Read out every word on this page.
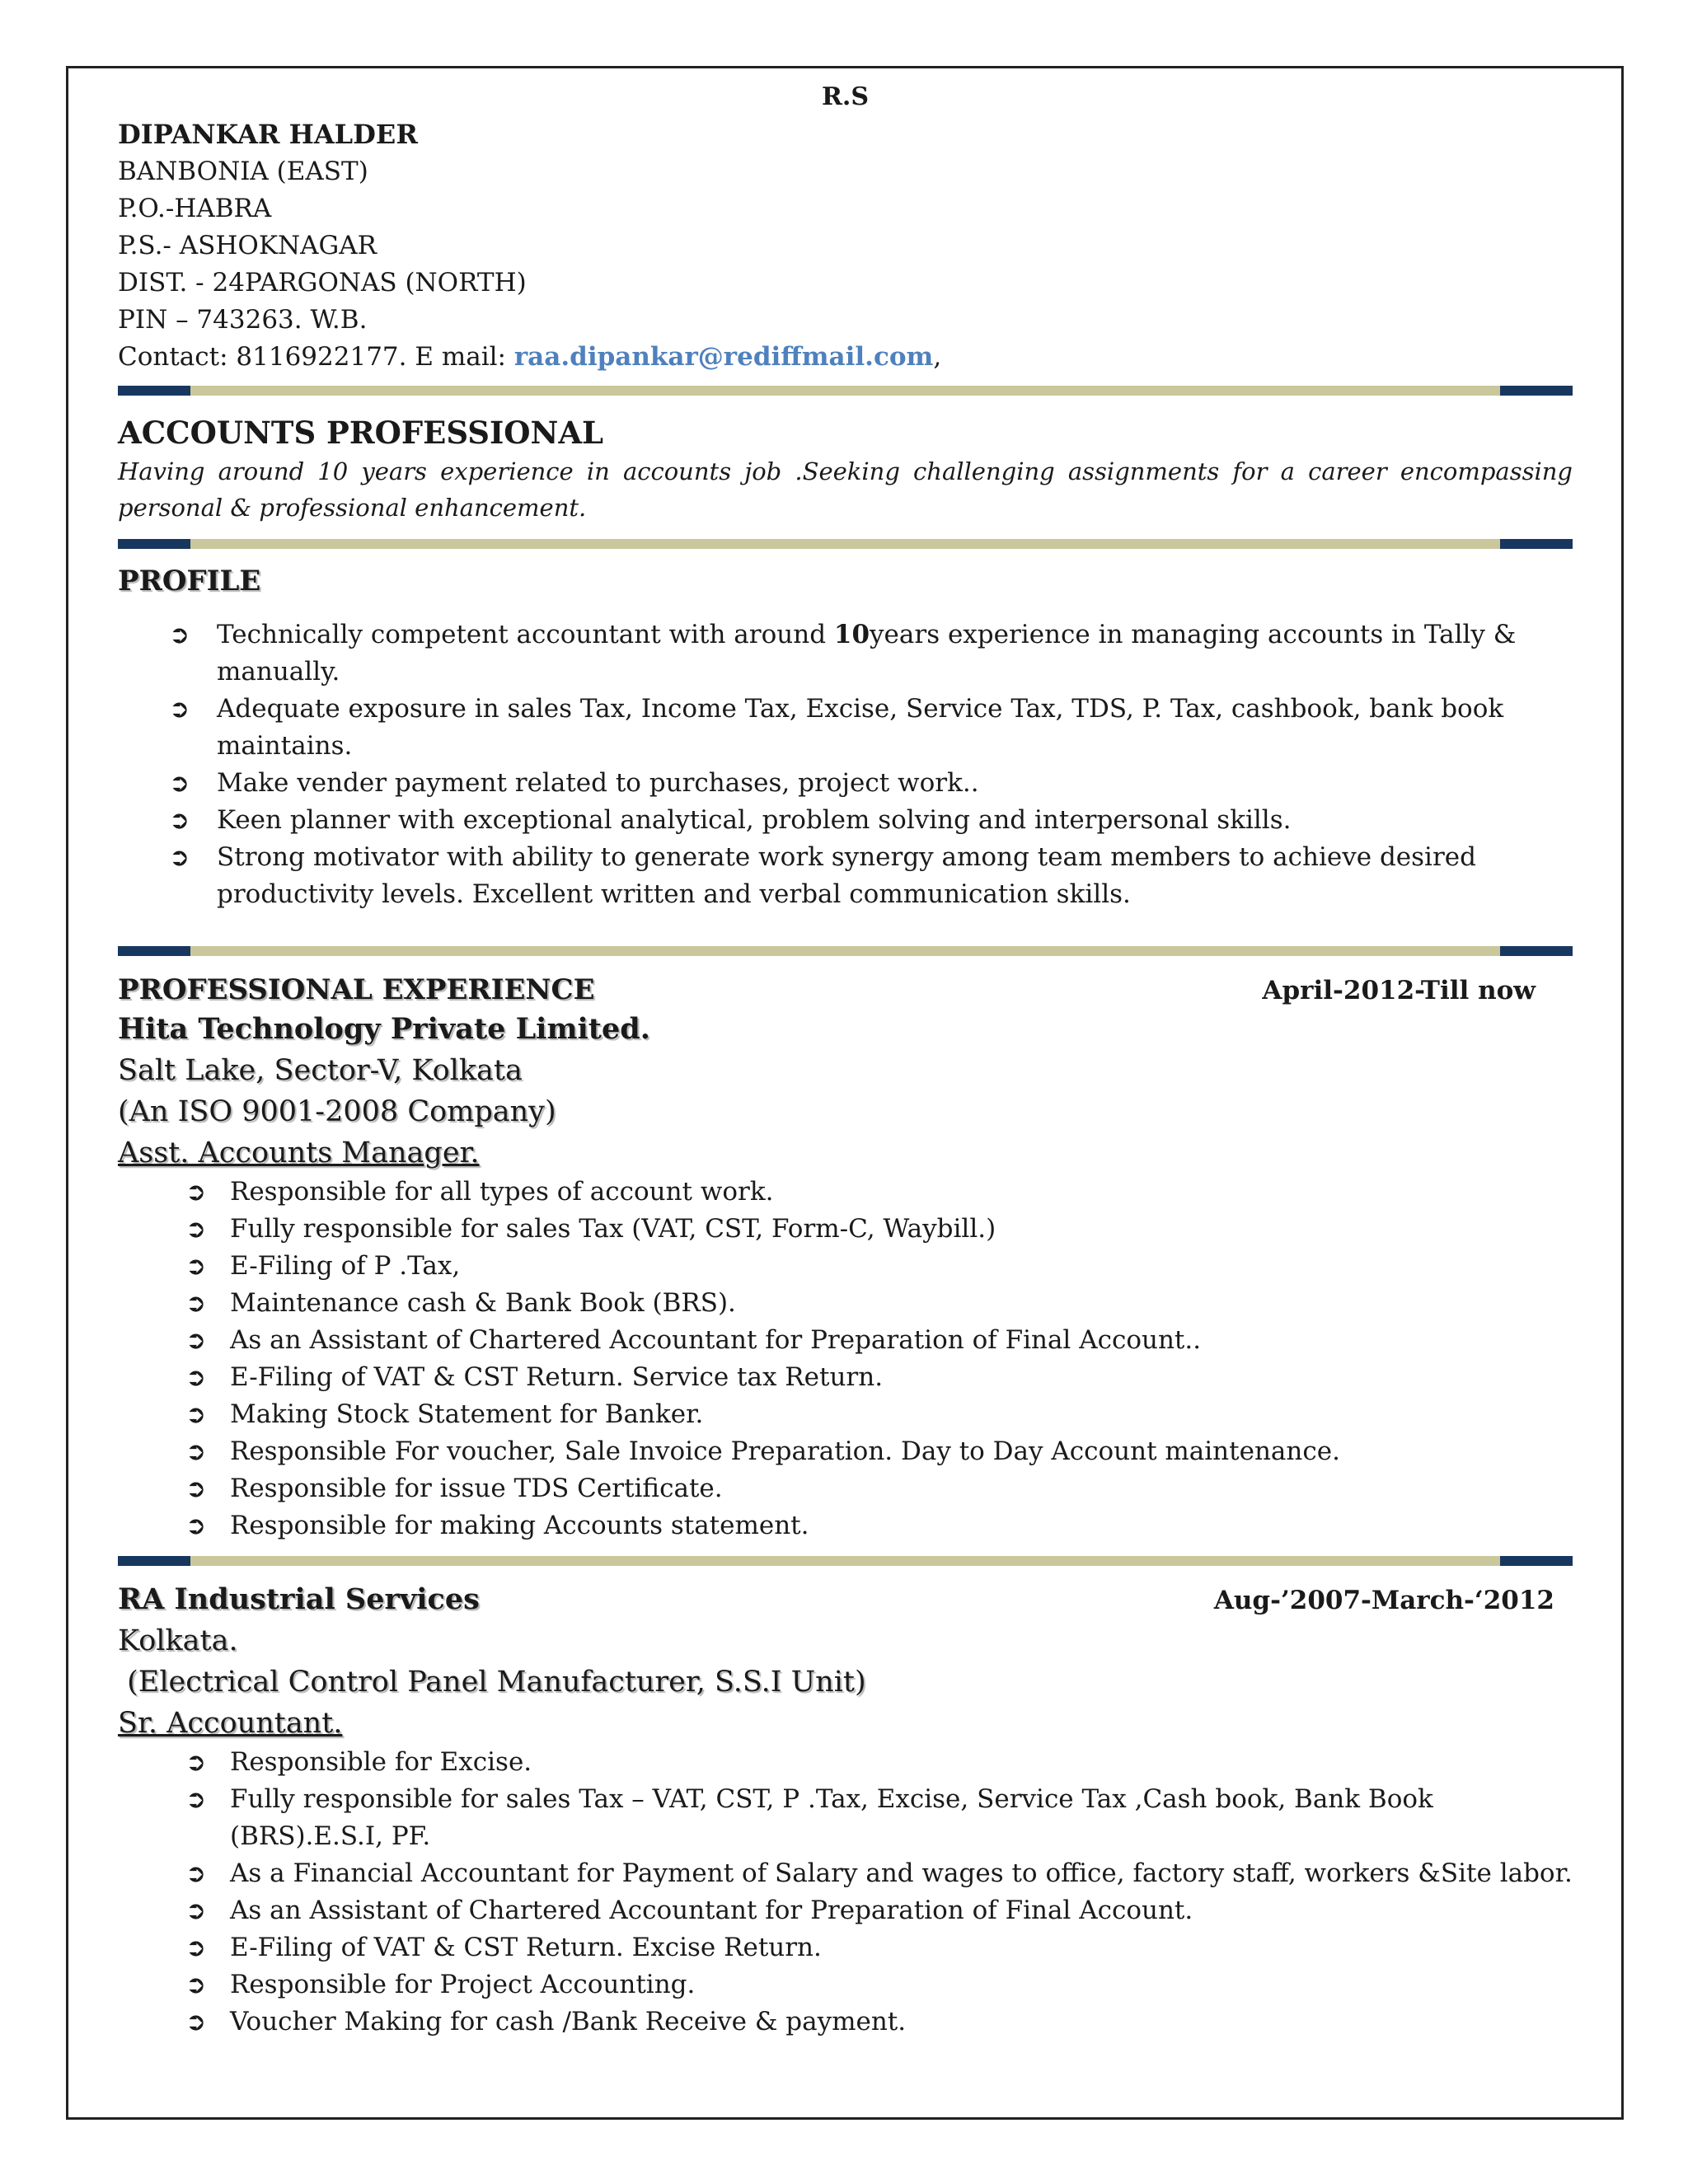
R.S
DIPANKAR HALDER
BANBONIA (EAST)
P.O.-HABRA
P.S.- ASHOKNAGAR
DIST. - 24PARGONAS (NORTH)
PIN – 743263. W.B.
Contact: 8116922177. E mail: raa.dipankar@rediffmail.com,
ACCOUNTS PROFESSIONAL
Having around 10 years experience in accounts job .Seeking challenging assignments for a career encompassing personal & professional enhancement.
PROFILE
➲ Technically competent accountant with around 10years experience in managing accounts in Tally & manually.
➲ Adequate exposure in sales Tax, Income Tax, Excise, Service Tax, TDS, P. Tax, cashbook, bank book maintains.
➲ Make vender payment related to purchases, project work..
➲ Keen planner with exceptional analytical, problem solving and interpersonal skills.
➲ Strong motivator with ability to generate work synergy among team members to achieve desired productivity levels. Excellent written and verbal communication skills.
PROFESSIONAL EXPERIENCE	April-2012-Till now
Hita Technology Private Limited.
Salt Lake, Sector-V, Kolkata
(An ISO 9001-2008 Company)
Asst. Accounts Manager.
➲ Responsible for all types of account work.
➲ Fully responsible for sales Tax (VAT, CST, Form-C, Waybill.)
➲ E-Filing of P .Tax,
➲ Maintenance cash & Bank Book (BRS).
➲ As an Assistant of Chartered Accountant for Preparation of Final Account..
➲ E-Filing of VAT & CST Return. Service tax Return.
➲ Making Stock Statement for Banker.
➲ Responsible For voucher, Sale Invoice Preparation. Day to Day Account maintenance.
➲ Responsible for issue TDS Certificate.
➲ Responsible for making Accounts statement.
RA Industrial Services	Aug-’2007-March-‘2012
Kolkata.
(Electrical Control Panel Manufacturer, S.S.I Unit)
Sr. Accountant.
➲ Responsible for Excise.
➲ Fully responsible for sales Tax – VAT, CST, P .Tax, Excise, Service Tax ,Cash book, Bank Book (BRS).E.S.I, PF.
➲ As a Financial Accountant for Payment of Salary and wages to office, factory staff, workers &Site labor.
➲ As an Assistant of Chartered Accountant for Preparation of Final Account.
➲ E-Filing of VAT & CST Return. Excise Return.
➲ Responsible for Project Accounting.
➲ Voucher Making for cash /Bank Receive & payment.
